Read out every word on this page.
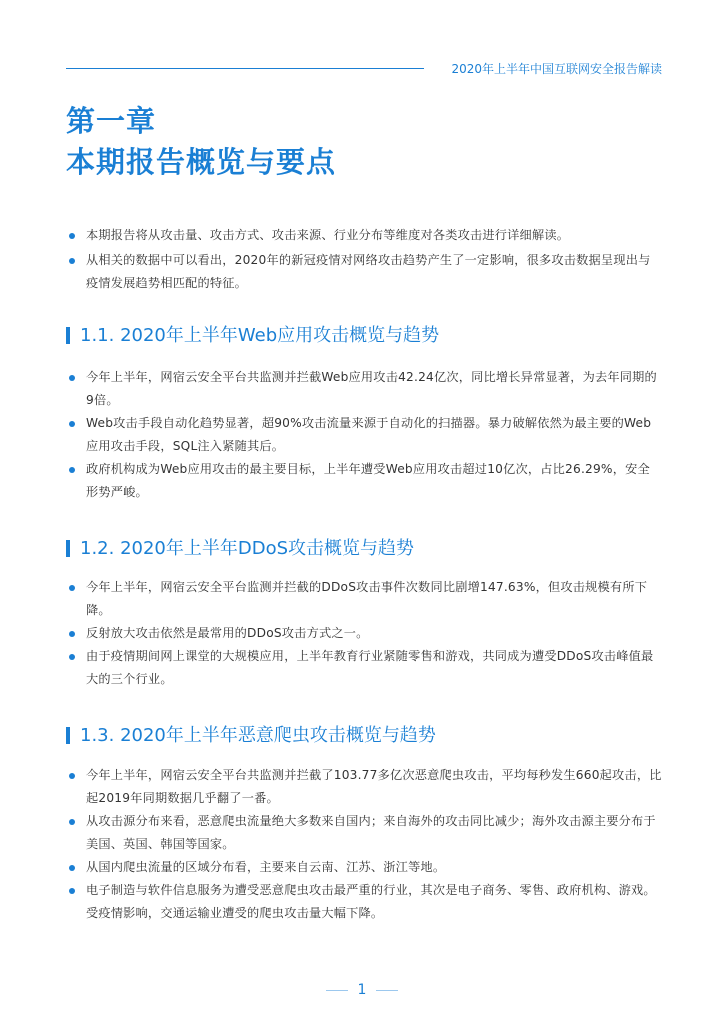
2020年上半年中国互联网安全报告解读
第一章
本期报告概览与要点
本期报告将从攻击量、攻击方式、攻击来源、行业分布等维度对各类攻击进行详细解读。
从相关的数据中可以看出，2020年的新冠疫情对网络攻击趋势产生了一定影响，很多攻击数据呈现出与疫情发展趋势相匹配的特征。
1.1. 2020年上半年Web应用攻击概览与趋势
今年上半年，网宿云安全平台共监测并拦截Web应用攻击42.24亿次，同比增长异常显著，为去年同期的9倍。
Web攻击手段自动化趋势显著，超90%攻击流量来源于自动化的扫描器。暴力破解依然为最主要的Web应用攻击手段，SQL注入紧随其后。
政府机构成为Web应用攻击的最主要目标，上半年遭受Web应用攻击超过10亿次，占比26.29%，安全形势严峻。
1.2. 2020年上半年DDoS攻击概览与趋势
今年上半年，网宿云安全平台监测并拦截的DDoS攻击事件次数同比剧增147.63%，但攻击规模有所下降。
反射放大攻击依然是最常用的DDoS攻击方式之一。
由于疫情期间网上课堂的大规模应用，上半年教育行业紧随零售和游戏，共同成为遭受DDoS攻击峰值最大的三个行业。
1.3. 2020年上半年恶意爬虫攻击概览与趋势
今年上半年，网宿云安全平台共监测并拦截了103.77多亿次恶意爬虫攻击，平均每秒发生660起攻击，比起2019年同期数据几乎翻了一番。
从攻击源分布来看，恶意爬虫流量绝大多数来自国内；来自海外的攻击同比减少；海外攻击源主要分布于美国、英国、韩国等国家。
从国内爬虫流量的区域分布看，主要来自云南、江苏、浙江等地。
电子制造与软件信息服务为遭受恶意爬虫攻击最严重的行业，其次是电子商务、零售、政府机构、游戏。受疫情影响，交通运输业遭受的爬虫攻击量大幅下降。
1
